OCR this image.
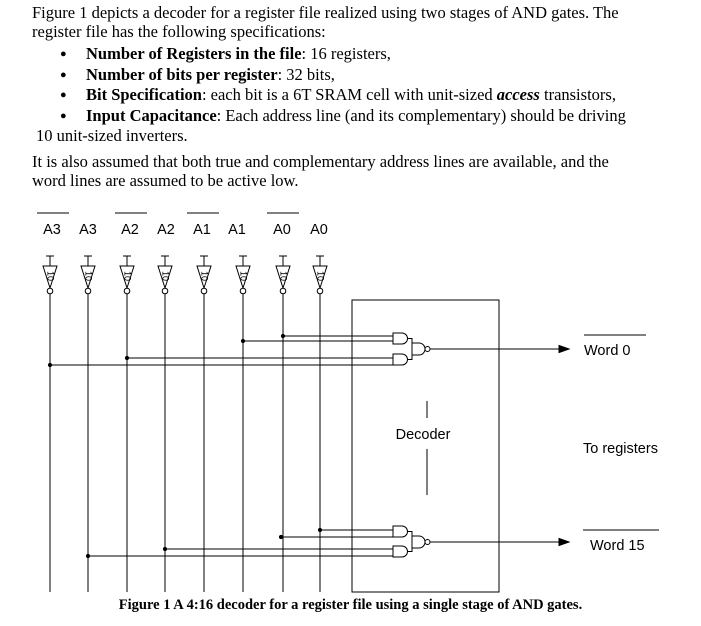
Figure 1 depicts a decoder for a register file realized using two stages of AND gates. The
register file has the following specifications:
● Number of Registers in the file: 16 registers,
● Number of bits per register: 32 bits,
● Bit Specification: each bit is a 6T SRAM cell with unit-sized access transistors,
● Input Capacitance: Each address line (and its complementary) should be driving
10 unit-sized inverters.
It is also assumed that both true and complementary address lines are available, and the
word lines are assumed to be active low.
A3 A3 A2 A2 A1 A1 A0 A0
10	10	10	10	10	10	10	10
Decoder
Word 0
To registers
Word 15
Figure 1 A 4:16 decoder for a register file using a single stage of AND gates.
